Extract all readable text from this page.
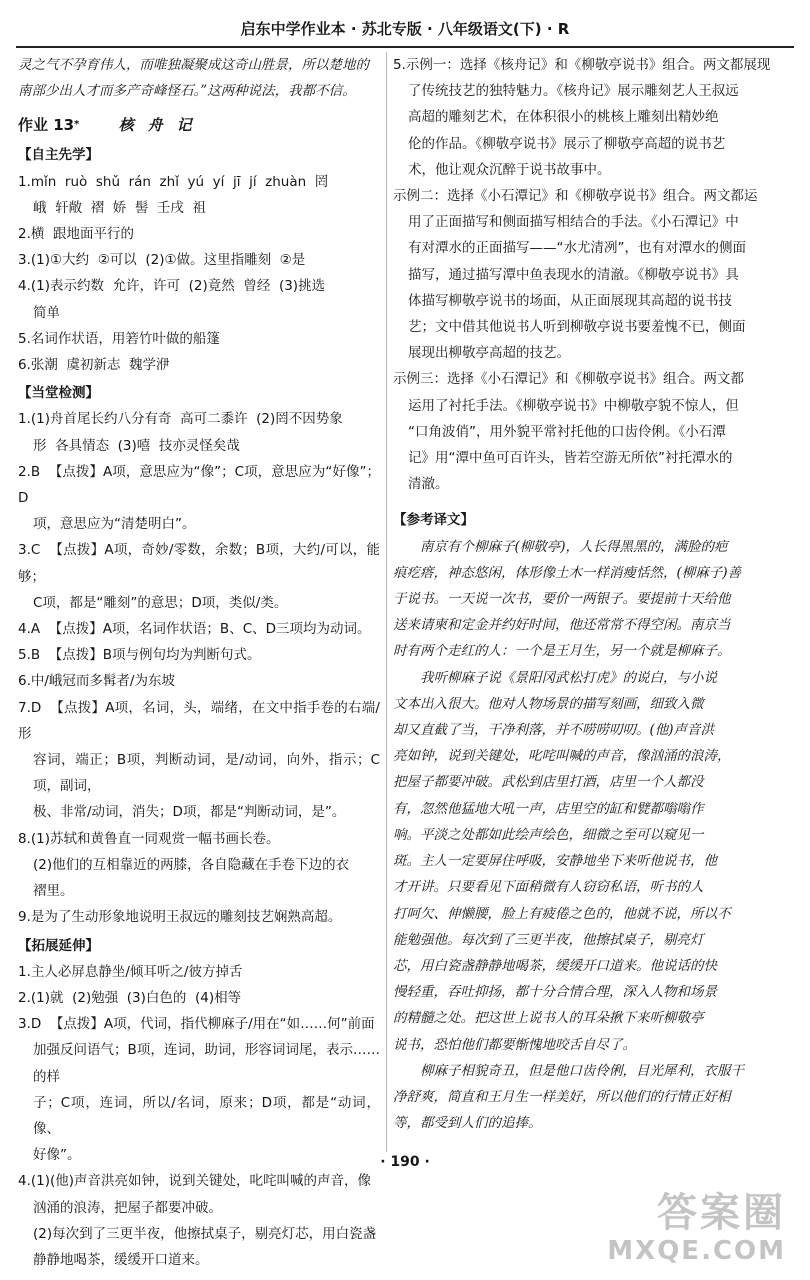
启东中学作业本 · 苏北专版 · 八年级语文(下) · R
灵之气不孕育伟人，而唯独凝聚成这奇山胜景，所以楚地的
南部少出人才而多产奇峰怪石。”这两种说法，我都不信。
作业 13*	核舟记
【自主先学】
1.mǐn  ruò  shǔ  rán  zhǐ  yú  yí  jī  jí  zhuàn  罔
峨  轩敞  褶  娇  髻  壬戌  祖
2.横  跟地面平行的
3.(1)①大约  ②可以  (2)①做。这里指雕刻  ②是
4.(1)表示约数  允许，许可  (2)竟然  曾经  (3)挑选
简单
5.名词作状语，用箬竹叶做的船篷
6.张潮  虞初新志  魏学洢
【当堂检测】
1.(1)舟首尾长约八分有奇  高可二黍许  (2)罔不因势象
形  各具情态  (3)嘻  技亦灵怪矣哉
2.B  【点拨】A项，意思应为“像”；C项，意思应为“好像”；D
项，意思应为“清楚明白”。
3.C  【点拨】A项，奇妙/零数，余数；B项，大约/可以，能够；
C项，都是“雕刻”的意思；D项，类似/类。
4.A  【点拨】A项，名词作状语；B、C、D三项均为动词。
5.B  【点拨】B项与例句均为判断句式。
6.中/峨冠而多髯者/为东坡
7.D  【点拨】A项，名词，头，端绪，在文中指手卷的右端/形
容词，端正；B项，判断动词，是/动词，向外，指示；C项，副词，
极、非常/动词，消失；D项，都是“判断动词，是”。
8.(1)苏轼和黄鲁直一同观赏一幅书画长卷。
(2)他们的互相靠近的两膝，各自隐藏在手卷下边的衣
褶里。
9.是为了生动形象地说明王叔远的雕刻技艺娴熟高超。
【拓展延伸】
1.主人必屏息静坐/倾耳听之/彼方掉舌
2.(1)就  (2)勉强  (3)白色的  (4)相等
3.D  【点拨】A项，代词，指代柳麻子/用在“如……何”前面
加强反问语气；B项，连词，助词，形容词词尾，表示……的样
子；C项，连词，所以/名词，原来；D项，都是“动词，像、
好像”。
4.(1)(他)声音洪亮如钟，说到关键处，叱咤叫喊的声音，像
汹涌的浪涛，把屋子都要冲破。
(2)每次到了三更半夜，他擦拭桌子，剔亮灯芯，用白瓷盏
静静地喝茶，缓缓开口道来。
5.示例一：选择《核舟记》和《柳敬亭说书》组合。两文都展现
了传统技艺的独特魅力。《核舟记》展示雕刻艺人王叔远
高超的雕刻艺术，在体积很小的桃核上雕刻出精妙绝
伦的作品。《柳敬亭说书》展示了柳敬亭高超的说书艺
术，他让观众沉醉于说书故事中。
示例二：选择《小石潭记》和《柳敬亭说书》组合。两文都运
用了正面描写和侧面描写相结合的手法。《小石潭记》中
有对潭水的正面描写——“水尤清冽”，也有对潭水的侧面
描写，通过描写潭中鱼表现水的清澈。《柳敬亭说书》具
体描写柳敬亭说书的场面，从正面展现其高超的说书技
艺；文中借其他说书人听到柳敬亭说书要羞愧不已，侧面
展现出柳敬亭高超的技艺。
示例三：选择《小石潭记》和《柳敬亭说书》组合。两文都
运用了衬托手法。《柳敬亭说书》中柳敬亭貌不惊人，但
“口角波俏”，用外貌平常衬托他的口齿伶俐。《小石潭
记》用“潭中鱼可百许头，皆若空游无所依”衬托潭水的
清澈。
【参考译文】
南京有个柳麻子(柳敬亭)，人长得黑黑的，满脸的疤
痕疙瘩，神态悠闲，体形像土木一样消瘦恬然，(柳麻子)善
于说书。一天说一次书，要价一两银子。要提前十天给他
送来请柬和定金并约好时间，他还常常不得空闲。南京当
时有两个走红的人：一个是王月生，另一个就是柳麻子。
我听柳麻子说《景阳冈武松打虎》的说白，与小说
文本出入很大。他对人物场景的描写刻画，细致入微
却又直截了当，干净利落，并不唠唠叨叨。(他)声音洪
亮如钟，说到关键处，叱咤叫喊的声音，像汹涌的浪涛，
把屋子都要冲破。武松到店里打酒，店里一个人都没
有，忽然他猛地大吼一声，店里空的缸和甓都嗡嗡作
响。平淡之处都如此绘声绘色，细微之至可以窥见一
斑。主人一定要屏住呼吸，安静地坐下来听他说书，他
才开讲。只要看见下面稍微有人窃窃私语，听书的人
打呵欠、伸懒腰，脸上有疲倦之色的，他就不说，所以不
能勉强他。每次到了三更半夜，他擦拭桌子，剔亮灯
芯，用白瓷盏静静地喝茶，缓缓开口道来。他说话的快
慢轻重，吞吐抑扬，都十分合情合理，深入人物和场景
的精髓之处。把这世上说书人的耳朵揪下来听柳敬亭
说书，恐怕他们都要惭愧地咬舌自尽了。
柳麻子相貌奇丑，但是他口齿伶俐，目光犀利，衣服干
净舒爽，简直和王月生一样美好，所以他们的行情正好相
等，都受到人们的追捧。
· 190 ·
答案圈
MXQE.COM
